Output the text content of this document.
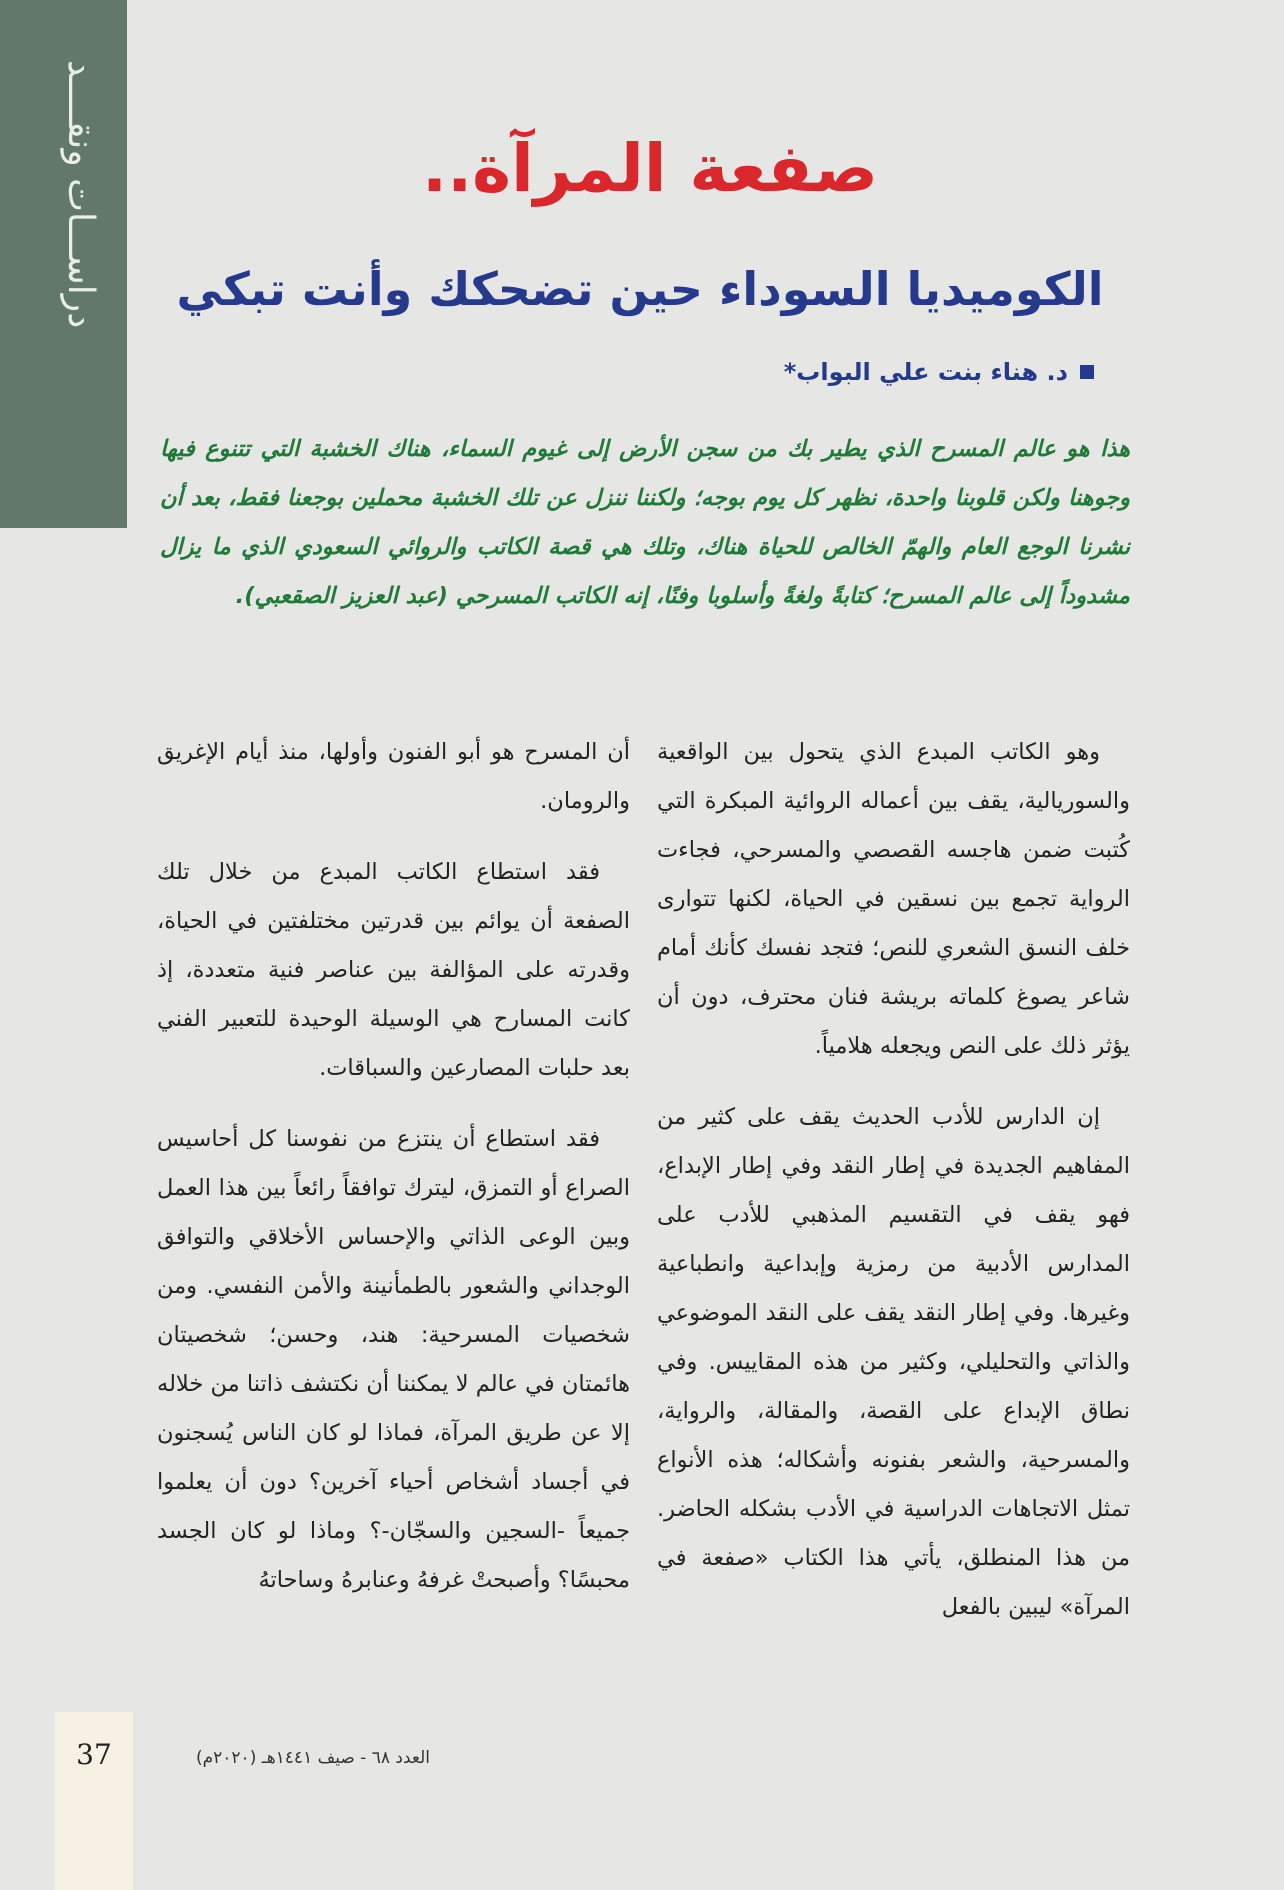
دراســـات ونقــــد	صفعة المرآة..
الكوميديا السوداء حين تضحكك وأنت تبكي
د. هناء بنت علي البواب*
هذا هو عالم المسرح الذي يطير بك من سجن الأرض إلى غيوم السماء، هناك الخشبة التي تتنوع فيها وجوهنا ولكن قلوبنا واحدة، نظهر كل يوم بوجه؛ ولكننا ننزل عن تلك الخشبة محملين بوجعنا فقط، بعد أن نشرنا الوجع العام والهمّ الخالص للحياة هناك، وتلك هي قصة الكاتب والروائي السعودي الذي ما يزال مشدوداً إلى عالم المسرح؛ كتابةً ولغةً وأسلوبا وفنًا، إنه الكاتب المسرحي (عبد العزيز الصقعبي).

وهو الكاتب المبدع الذي يتحول بين الواقعية والسوريالية، يقف بين أعماله الروائية المبكرة التي كُتبت ضمن هاجسه القصصي والمسرحي، فجاءت الرواية تجمع بين نسقين في الحياة، لكنها تتوارى خلف النسق الشعري للنص؛ فتجد نفسك كأنك أمام شاعر يصوغ كلماته بريشة فنان محترف، دون أن يؤثر ذلك على النص ويجعله هلامياً.

إن الدارس للأدب الحديث يقف على كثير من المفاهيم الجديدة في إطار النقد وفي إطار الإبداع، فهو يقف في التقسيم المذهبي للأدب على المدارس الأدبية من رمزية وإبداعية وانطباعية وغيرها. وفي إطار النقد يقف على النقد الموضوعي والذاتي والتحليلي، وكثير من هذه المقاييس. وفي نطاق الإبداع على القصة، والمقالة، والرواية، والمسرحية، والشعر بفنونه وأشكاله؛ هذه الأنواع تمثل الاتجاهات الدراسية في الأدب بشكله الحاضر. من هذا المنطلق، يأتي هذا الكتاب «صفعة في المرآة» ليبين بالفعل

أن المسرح هو أبو الفنون وأولها، منذ أيام الإغريق والرومان.

فقد استطاع الكاتب المبدع من خلال تلك الصفعة أن يوائم بين قدرتين مختلفتين في الحياة، وقدرته على المؤالفة بين عناصر فنية متعددة، إذ كانت المسارح هي الوسيلة الوحيدة للتعبير الفني بعد حلبات المصارعين والسباقات.

فقد استطاع أن ينتزع من نفوسنا كل أحاسيس الصراع أو التمزق، ليترك توافقاً رائعاً بين هذا العمل وبين الوعى الذاتي والإحساس الأخلاقي والتوافق الوجداني والشعور بالطمأنينة والأمن النفسي. ومن شخصيات المسرحية: هند، وحسن؛ شخصيتان هائمتان في عالم لا يمكننا أن نكتشف ذاتنا من خلاله إلا عن طريق المرآة، فماذا لو كان الناس يُسجنون في أجساد أشخاص أحياء آخرين؟ دون أن يعلموا جميعاً -السجين والسجّان-؟ وماذا لو كان الجسد محبسًا؟ وأصبحتْ غرفهُ وعنابرهُ وساحاتهُ

37	العدد ٦٨ - صيف ١٤٤١هـ (٢٠٢٠م)
